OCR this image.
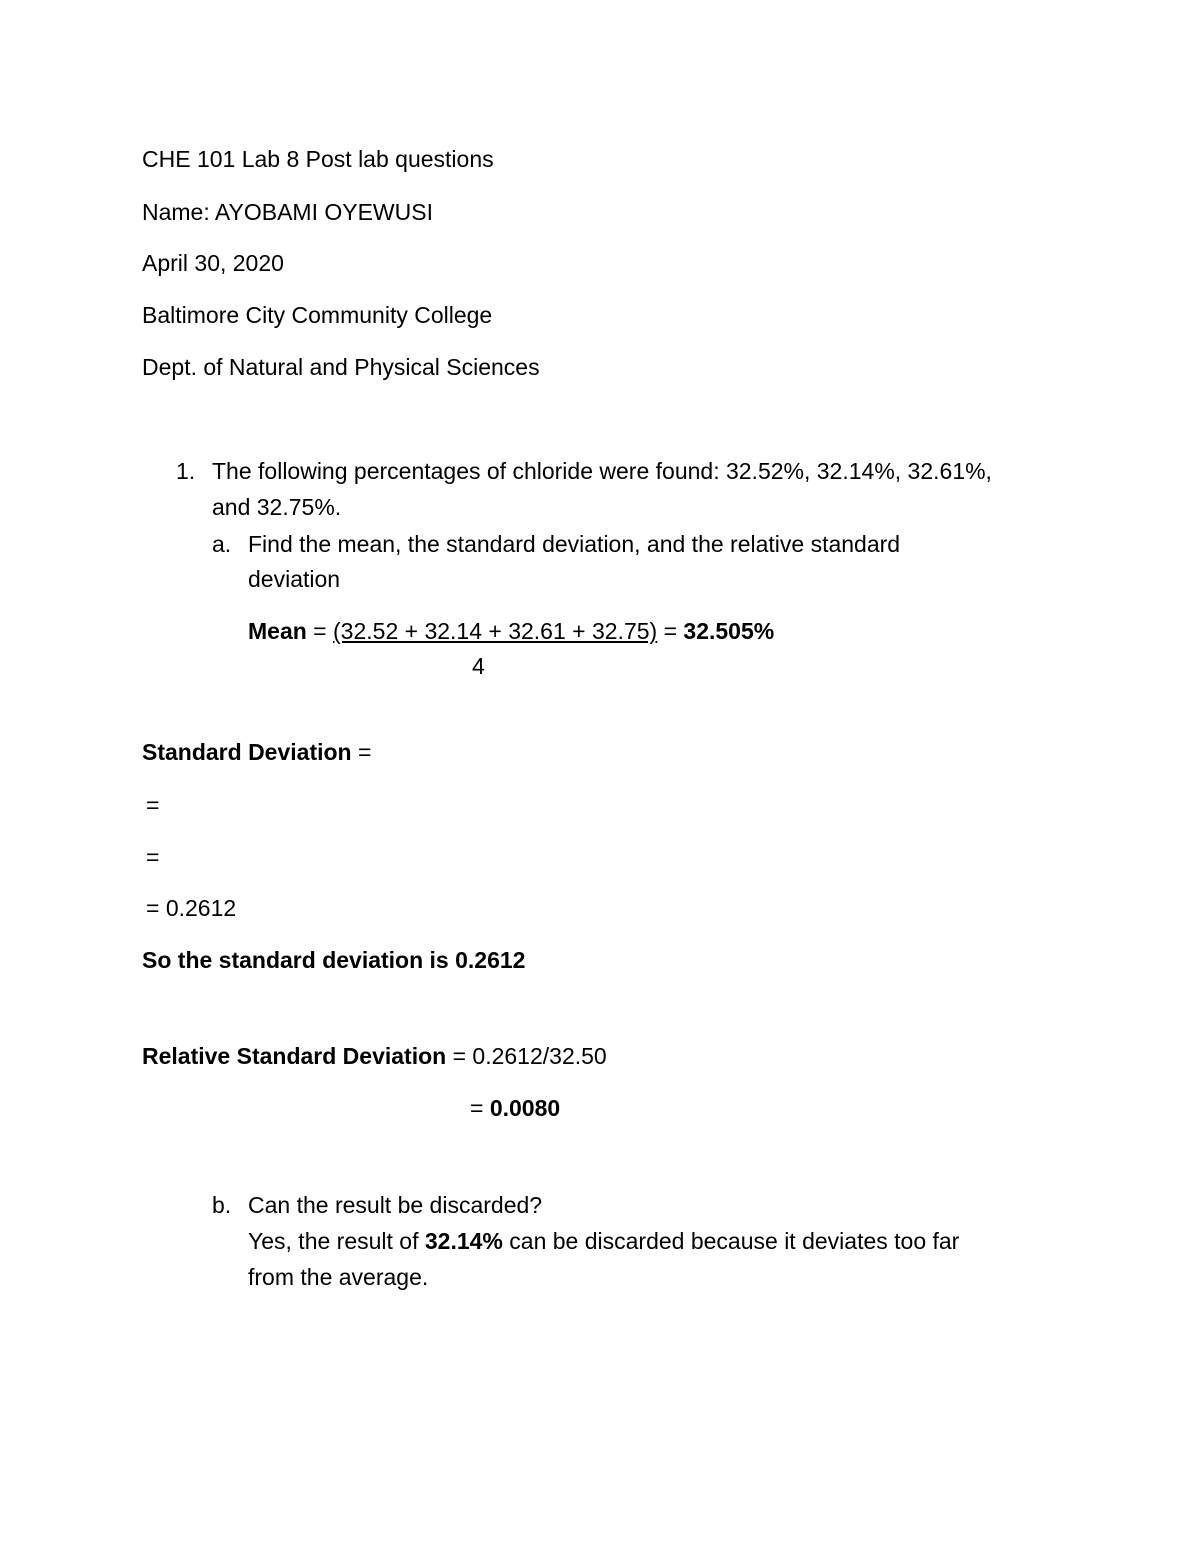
CHE 101 Lab 8 Post lab questions
Name: AYOBAMI OYEWUSI
April 30, 2020
Baltimore City Community College
Dept. of Natural and Physical Sciences
1. The following percentages of chloride were found: 32.52%, 32.14%, 32.61%,
and 32.75%.
a. Find the mean, the standard deviation, and the relative standard
deviation
Mean = (32.52 + 32.14 + 32.61 + 32.75) = 32.505%
4
Standard Deviation =
=
=
= 0.2612
So the standard deviation is 0.2612
Relative Standard Deviation = 0.2612/32.50
= 0.0080
b. Can the result be discarded?
Yes, the result of 32.14% can be discarded because it deviates too far
from the average.
